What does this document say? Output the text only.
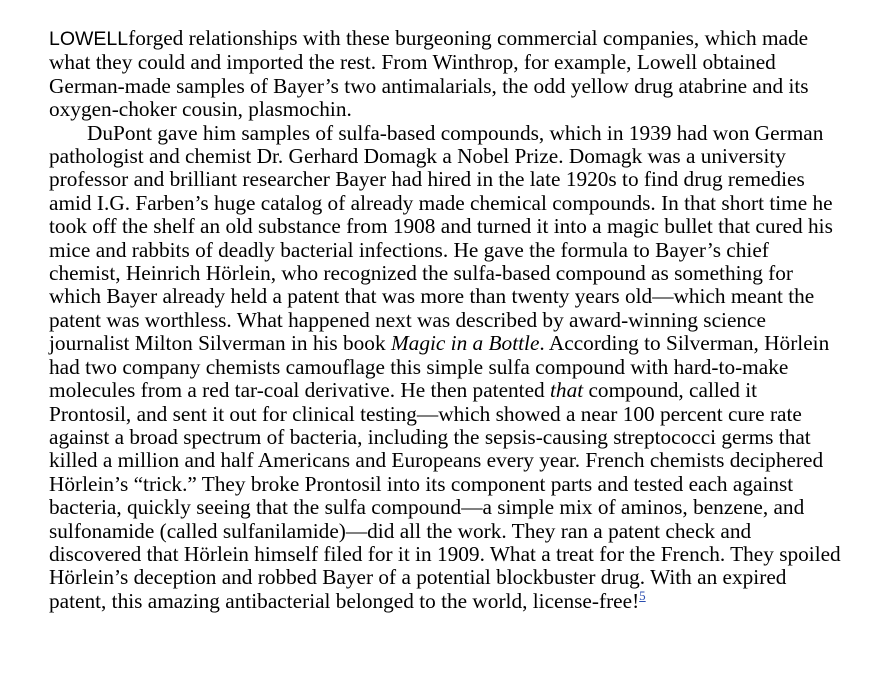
LOWELLforged relationships with these burgeoning commercial companies, which made what they could and imported the rest. From Winthrop, for example, Lowell obtained German-made samples of Bayer’s two antimalarials, the odd yellow drug atabrine and its oxygen-choker cousin, plasmochin.

DuPont gave him samples of sulfa-based compounds, which in 1939 had won German pathologist and chemist Dr. Gerhard Domagk a Nobel Prize. Domagk was a university professor and brilliant researcher Bayer had hired in the late 1920s to find drug remedies amid I.G. Farben’s huge catalog of already made chemical compounds. In that short time he took off the shelf an old substance from 1908 and turned it into a magic bullet that cured his mice and rabbits of deadly bacterial infections. He gave the formula to Bayer’s chief chemist, Heinrich Hörlein, who recognized the sulfa-based compound as something for which Bayer already held a patent that was more than twenty years old—which meant the patent was worthless. What happened next was described by award-winning science journalist Milton Silverman in his book Magic in a Bottle. According to Silverman, Hörlein had two company chemists camouflage this simple sulfa compound with hard-to-make molecules from a red tar-coal derivative. He then patented that compound, called it Prontosil, and sent it out for clinical testing—which showed a near 100 percent cure rate against a broad spectrum of bacteria, including the sepsis-causing streptococci germs that killed a million and half Americans and Europeans every year. French chemists deciphered Hörlein’s “trick.” They broke Prontosil into its component parts and tested each against bacteria, quickly seeing that the sulfa compound—a simple mix of aminos, benzene, and sulfonamide (called sulfanilamide)—did all the work. They ran a patent check and discovered that Hörlein himself filed for it in 1909. What a treat for the French. They spoiled Hörlein’s deception and robbed Bayer of a potential blockbuster drug. With an expired patent, this amazing antibacterial belonged to the world, license-free!$^5$
